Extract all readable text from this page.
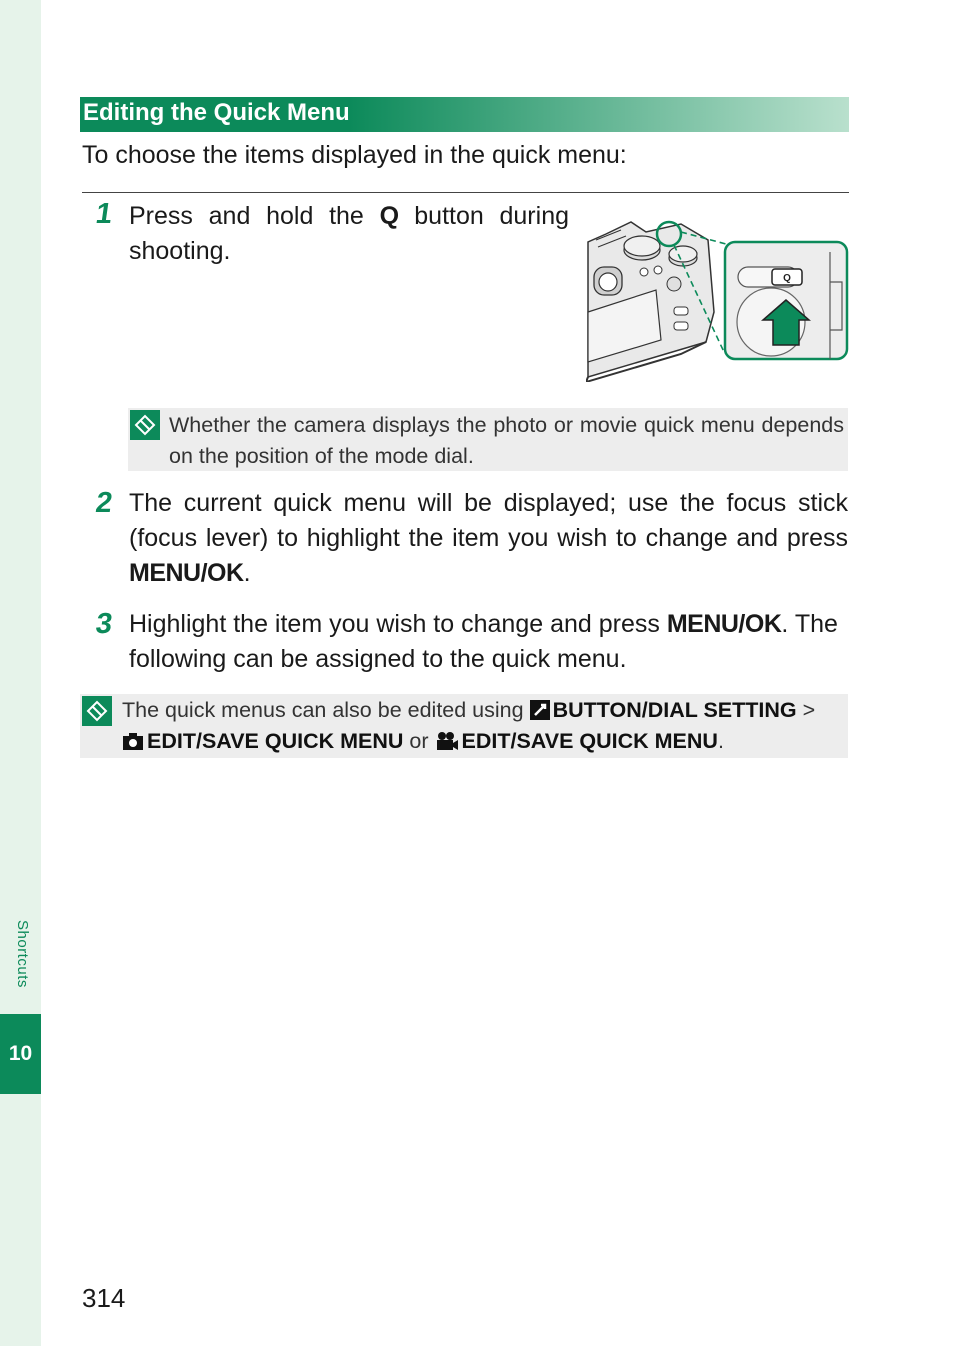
Shortcuts
10
Editing the Quick Menu
To choose the items displayed in the quick menu:
1 Press and hold the Q button during shooting.
Q
Whether the camera displays the photo or movie quick menu depends on the position of the mode dial.
2 The current quick menu will be displayed; use the focus stick (focus lever) to highlight the item you wish to change and press MENU/OK.
3 Highlight the item you wish to change and press MENU/OK. The following can be assigned to the quick menu.
The quick menus can also be edited using BUTTON/DIAL SETTING >
EDIT/SAVE QUICK MENU or EDIT/SAVE QUICK MENU.
314
